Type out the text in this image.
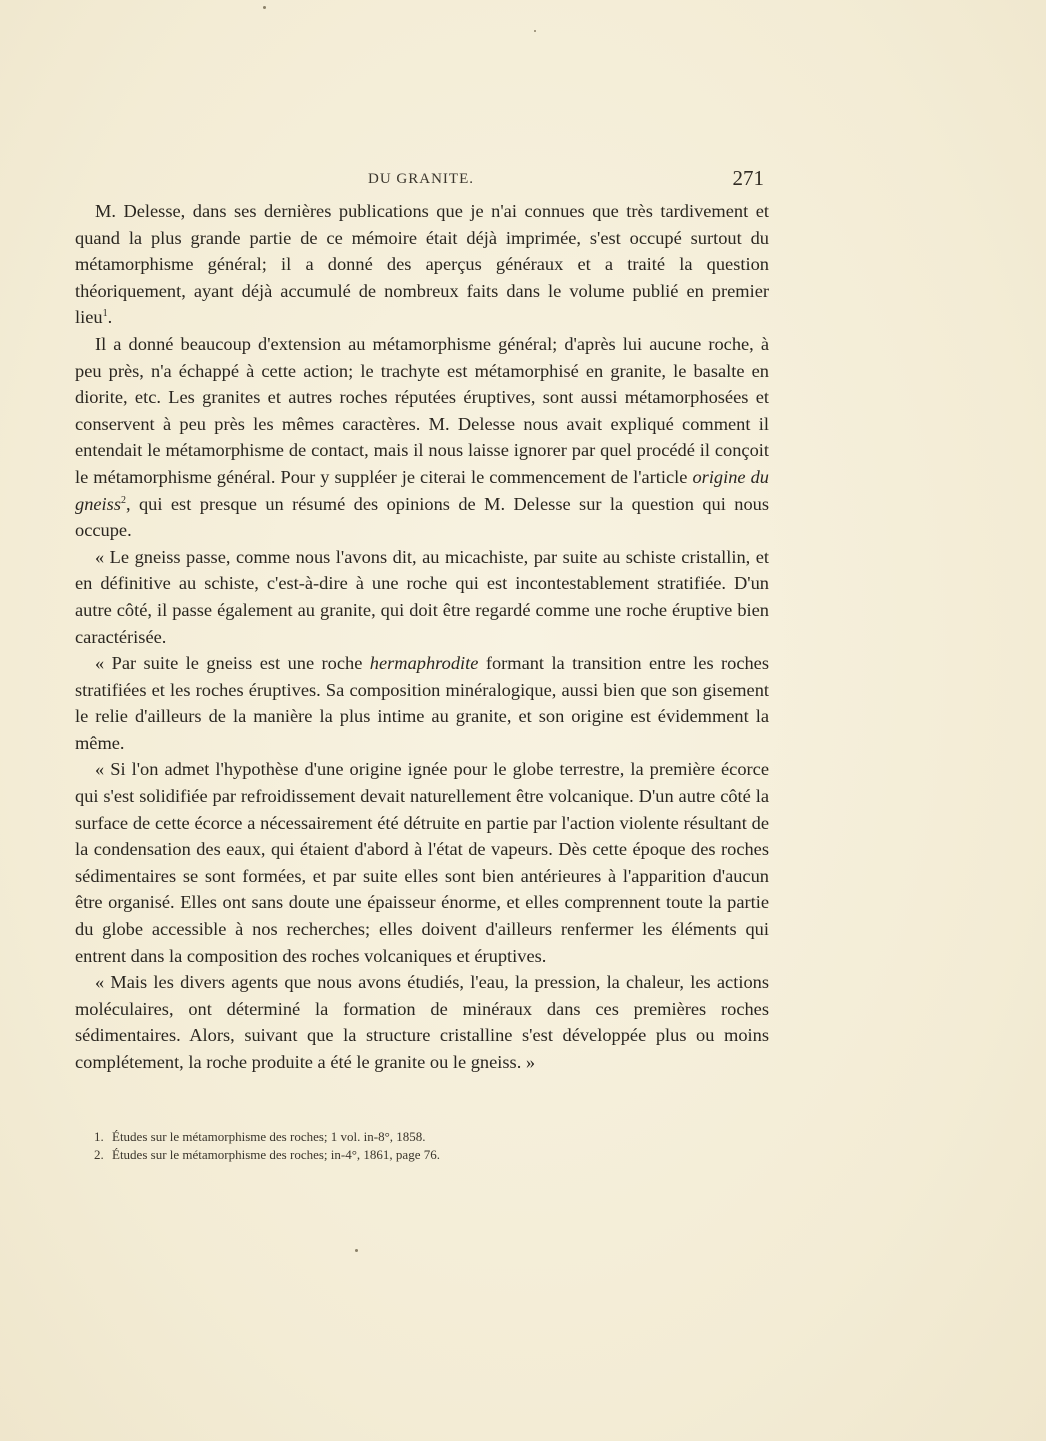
DU GRANITE.	271

M. Delesse, dans ses dernières publications que je n'ai connues que très tardivement et quand la plus grande partie de ce mémoire était déjà imprimée, s'est occupé surtout du métamorphisme général; il a donné des aperçus généraux et a traité la question théoriquement, ayant déjà accumulé de nombreux faits dans le volume publié en premier lieu$^1$.

Il a donné beaucoup d'extension au métamorphisme général; d'après lui aucune roche, à peu près, n'a échappé à cette action; le trachyte est métamorphisé en granite, le basalte en diorite, etc. Les granites et autres roches réputées éruptives, sont aussi métamorphosées et conservent à peu près les mêmes caractères. M. Delesse nous avait expliqué comment il entendait le métamorphisme de contact, mais il nous laisse ignorer par quel procédé il conçoit le métamorphisme général. Pour y suppléer je citerai le commencement de l'article origine du gneiss$^2$, qui est presque un résumé des opinions de M. Delesse sur la question qui nous occupe.

« Le gneiss passe, comme nous l'avons dit, au micachiste, par suite au schiste cristallin, et en définitive au schiste, c'est-à-dire à une roche qui est incontestablement stratifiée. D'un autre côté, il passe également au granite, qui doit être regardé comme une roche éruptive bien caractérisée.

« Par suite le gneiss est une roche hermaphrodite formant la transition entre les roches stratifiées et les roches éruptives. Sa composition minéralogique, aussi bien que son gisement le relie d'ailleurs de la manière la plus intime au granite, et son origine est évidemment la même.

« Si l'on admet l'hypothèse d'une origine ignée pour le globe terrestre, la première écorce qui s'est solidifiée par refroidissement devait naturellement être volcanique. D'un autre côté la surface de cette écorce a nécessairement été détruite en partie par l'action violente résultant de la condensation des eaux, qui étaient d'abord à l'état de vapeurs. Dès cette époque des roches sédimentaires se sont formées, et par suite elles sont bien antérieures à l'apparition d'aucun être organisé. Elles ont sans doute une épaisseur énorme, et elles comprennent toute la partie du globe accessible à nos recherches; elles doivent d'ailleurs renfermer les éléments qui entrent dans la composition des roches volcaniques et éruptives.

« Mais les divers agents que nous avons étudiés, l'eau, la pression, la chaleur, les actions moléculaires, ont déterminé la formation de minéraux dans ces premières roches sédimentaires. Alors, suivant que la structure cristalline s'est développée plus ou moins complétement, la roche produite a été le granite ou le gneiss. »

1. Études sur le métamorphisme des roches; 1 vol. in-8°, 1858.
2. Études sur le métamorphisme des roches; in-4°, 1861, page 76.
